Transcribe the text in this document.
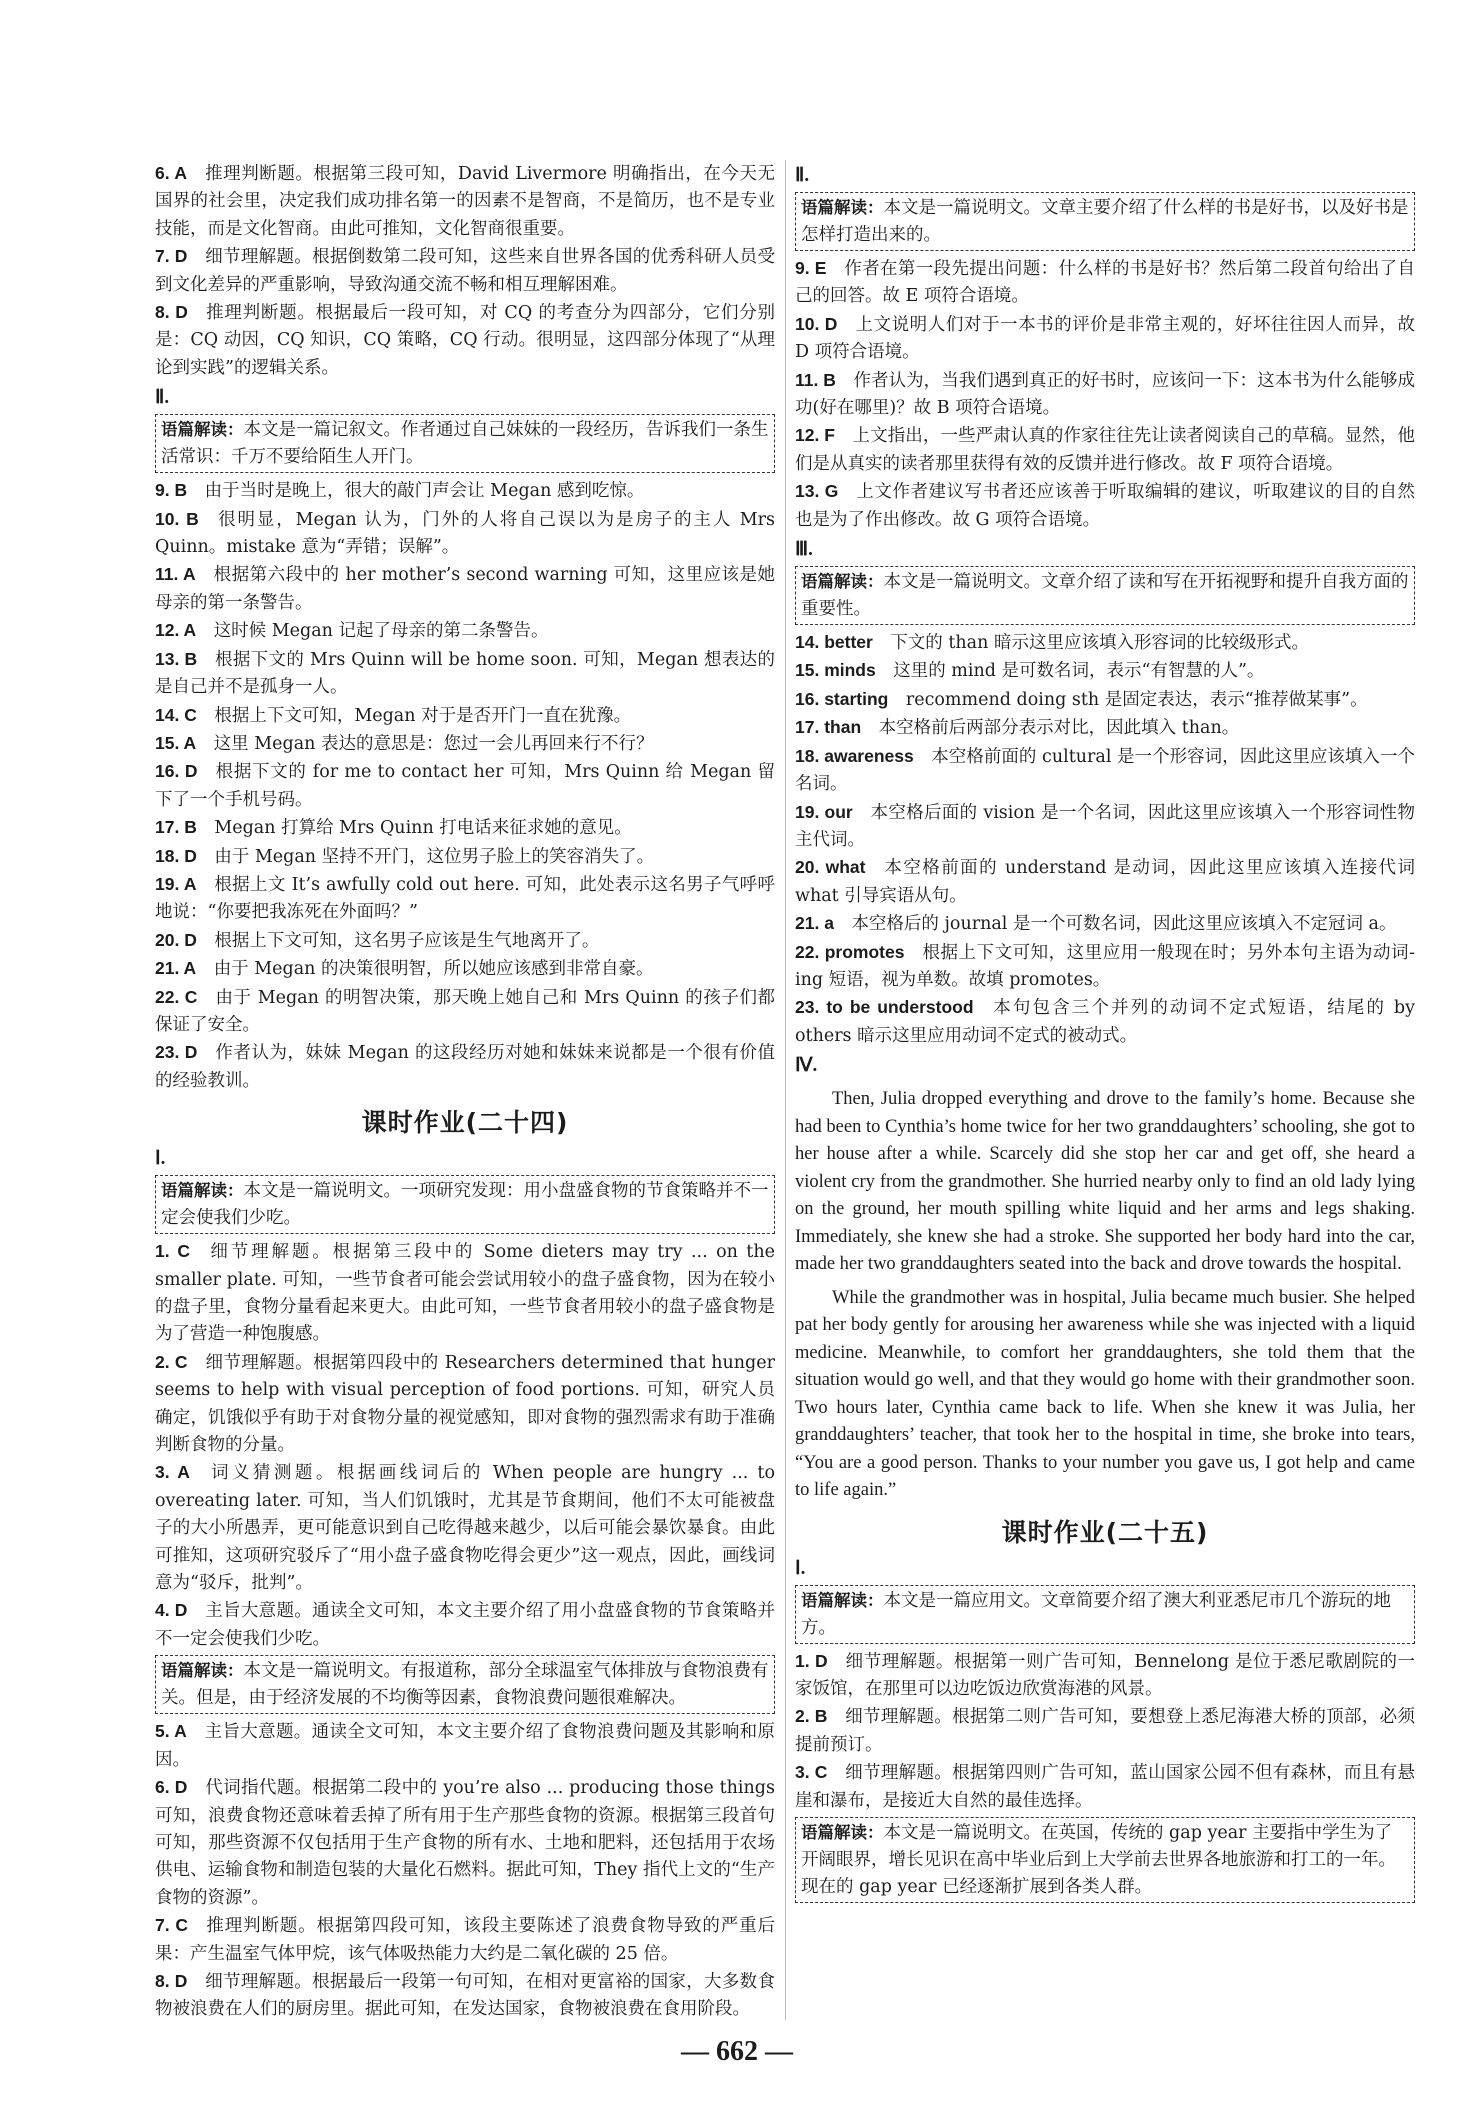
6. A  推理判断题。根据第三段可知，David Livermore 明确指出，在今天无国界的社会里，决定我们成功排名第一的因素不是智商，不是简历，也不是专业技能，而是文化智商。由此可推知，文化智商很重要。

7. D  细节理解题。根据倒数第二段可知，这些来自世界各国的优秀科研人员受到文化差异的严重影响，导致沟通交流不畅和相互理解困难。

8. D  推理判断题。根据最后一段可知，对 CQ 的考查分为四部分，它们分别是：CQ 动因，CQ 知识，CQ 策略，CQ 行动。很明显，这四部分体现了“从理论到实践”的逻辑关系。

Ⅱ.
语篇解读：本文是一篇记叙文。作者通过自己妹妹的一段经历，告诉我们一条生活常识：千万不要给陌生人开门。

9. B  由于当时是晚上，很大的敲门声会让 Megan 感到吃惊。

10. B  很明显，Megan 认为，门外的人将自己误以为是房子的主人 Mrs Quinn。mistake 意为“弄错；误解”。

11. A  根据第六段中的 her mother’s second warning 可知，这里应该是她母亲的第一条警告。

12. A  这时候 Megan 记起了母亲的第二条警告。

13. B  根据下文的 Mrs Quinn will be home soon. 可知，Megan 想表达的是自己并不是孤身一人。

14. C  根据上下文可知，Megan 对于是否开门一直在犹豫。

15. A  这里 Megan 表达的意思是：您过一会儿再回来行不行？

16. D  根据下文的 for me to contact her 可知，Mrs Quinn 给 Megan 留下了一个手机号码。

17. B  Megan 打算给 Mrs Quinn 打电话来征求她的意见。

18. D  由于 Megan 坚持不开门，这位男子脸上的笑容消失了。

19. A  根据上文 It’s awfully cold out here. 可知，此处表示这名男子气呼呼地说：“你要把我冻死在外面吗？”

20. D  根据上下文可知，这名男子应该是生气地离开了。

21. A  由于 Megan 的决策很明智，所以她应该感到非常自豪。

22. C  由于 Megan 的明智决策，那天晚上她自己和 Mrs Quinn 的孩子们都保证了安全。

23. D  作者认为，妹妹 Megan 的这段经历对她和妹妹来说都是一个很有价值的经验教训。

课时作业(二十四)
Ⅰ.
语篇解读：本文是一篇说明文。一项研究发现：用小盘盛食物的节食策略并不一定会使我们少吃。

1. C  细节理解题。根据第三段中的 Some dieters may try ... on the smaller plate. 可知，一些节食者可能会尝试用较小的盘子盛食物，因为在较小的盘子里，食物分量看起来更大。由此可知，一些节食者用较小的盘子盛食物是为了营造一种饱腹感。

2. C  细节理解题。根据第四段中的 Researchers determined that hunger seems to help with visual perception of food portions. 可知，研究人员确定，饥饿似乎有助于对食物分量的视觉感知，即对食物的强烈需求有助于准确判断食物的分量。

3. A  词义猜测题。根据画线词后的 When people are hungry ... to overeating later. 可知，当人们饥饿时，尤其是节食期间，他们不太可能被盘子的大小所愚弄，更可能意识到自己吃得越来越少，以后可能会暴饮暴食。由此可推知，这项研究驳斥了“用小盘子盛食物吃得会更少”这一观点，因此，画线词意为“驳斥，批判”。

4. D  主旨大意题。通读全文可知，本文主要介绍了用小盘盛食物的节食策略并不一定会使我们少吃。

语篇解读：本文是一篇说明文。有报道称，部分全球温室气体排放与食物浪费有关。但是，由于经济发展的不均衡等因素，食物浪费问题很难解决。

5. A  主旨大意题。通读全文可知，本文主要介绍了食物浪费问题及其影响和原因。

6. D  代词指代题。根据第二段中的 you’re also ... producing those things 可知，浪费食物还意味着丢掉了所有用于生产那些食物的资源。根据第三段首句可知，那些资源不仅包括用于生产食物的所有水、土地和肥料，还包括用于农场供电、运输食物和制造包装的大量化石燃料。据此可知，They 指代上文的“生产食物的资源”。

7. C  推理判断题。根据第四段可知，该段主要陈述了浪费食物导致的严重后果：产生温室气体甲烷，该气体吸热能力大约是二氧化碳的 25 倍。

8. D  细节理解题。根据最后一段第一句可知，在相对更富裕的国家，大多数食物被浪费在人们的厨房里。据此可知，在发达国家，食物被浪费在食用阶段。

Ⅱ.
语篇解读：本文是一篇说明文。文章主要介绍了什么样的书是好书，以及好书是怎样打造出来的。

9. E  作者在第一段先提出问题：什么样的书是好书？然后第二段首句给出了自己的回答。故 E 项符合语境。

10. D  上文说明人们对于一本书的评价是非常主观的，好坏往往因人而异，故 D 项符合语境。

11. B  作者认为，当我们遇到真正的好书时，应该问一下：这本书为什么能够成功(好在哪里)？故 B 项符合语境。

12. F  上文指出，一些严肃认真的作家往往先让读者阅读自己的草稿。显然，他们是从真实的读者那里获得有效的反馈并进行修改。故 F 项符合语境。

13. G  上文作者建议写书者还应该善于听取编辑的建议，听取建议的目的自然也是为了作出修改。故 G 项符合语境。

Ⅲ.
语篇解读：本文是一篇说明文。文章介绍了读和写在开拓视野和提升自我方面的重要性。

14. better  下文的 than 暗示这里应该填入形容词的比较级形式。

15. minds  这里的 mind 是可数名词，表示“有智慧的人”。

16. starting  recommend doing sth 是固定表达，表示“推荐做某事”。

17. than  本空格前后两部分表示对比，因此填入 than。

18. awareness  本空格前面的 cultural 是一个形容词，因此这里应该填入一个名词。

19. our  本空格后面的 vision 是一个名词，因此这里应该填入一个形容词性物主代词。

20. what  本空格前面的 understand 是动词，因此这里应该填入连接代词 what 引导宾语从句。

21. a  本空格后的 journal 是一个可数名词，因此这里应该填入不定冠词 a。

22. promotes  根据上下文可知，这里应用一般现在时；另外本句主语为动词-ing 短语，视为单数。故填 promotes。

23. to be understood  本句包含三个并列的动词不定式短语，结尾的 by others 暗示这里应用动词不定式的被动式。

Ⅳ.

Then, Julia dropped everything and drove to the family’s home. Because she had been to Cynthia’s home twice for her two granddaughters’ schooling, she got to her house after a while. Scarcely did she stop her car and get off, she heard a violent cry from the grandmother. She hurried nearby only to find an old lady lying on the ground, her mouth spilling white liquid and her arms and legs shaking. Immediately, she knew she had a stroke. She supported her body hard into the car, made her two granddaughters seated into the back and drove towards the hospital.

While the grandmother was in hospital, Julia became much busier. She helped pat her body gently for arousing her awareness while she was injected with a liquid medicine. Meanwhile, to comfort her granddaughters, she told them that the situation would go well, and that they would go home with their grandmother soon. Two hours later, Cynthia came back to life. When she knew it was Julia, her granddaughters’ teacher, that took her to the hospital in time, she broke into tears, “You are a good person. Thanks to your number you gave us, I got help and came to life again.”

课时作业(二十五)
Ⅰ.
语篇解读：本文是一篇应用文。文章简要介绍了澳大利亚悉尼市几个游玩的地方。

1. D  细节理解题。根据第一则广告可知，Bennelong 是位于悉尼歌剧院的一家饭馆，在那里可以边吃饭边欣赏海港的风景。

2. B  细节理解题。根据第二则广告可知，要想登上悉尼海港大桥的顶部，必须提前预订。

3. C  细节理解题。根据第四则广告可知，蓝山国家公园不但有森林，而且有悬崖和瀑布，是接近大自然的最佳选择。

语篇解读：本文是一篇说明文。在英国，传统的 gap year 主要指中学生为了开阔眼界，增长见识在高中毕业后到上大学前去世界各地旅游和打工的一年。现在的 gap year 已经逐渐扩展到各类人群。
— 662 —
